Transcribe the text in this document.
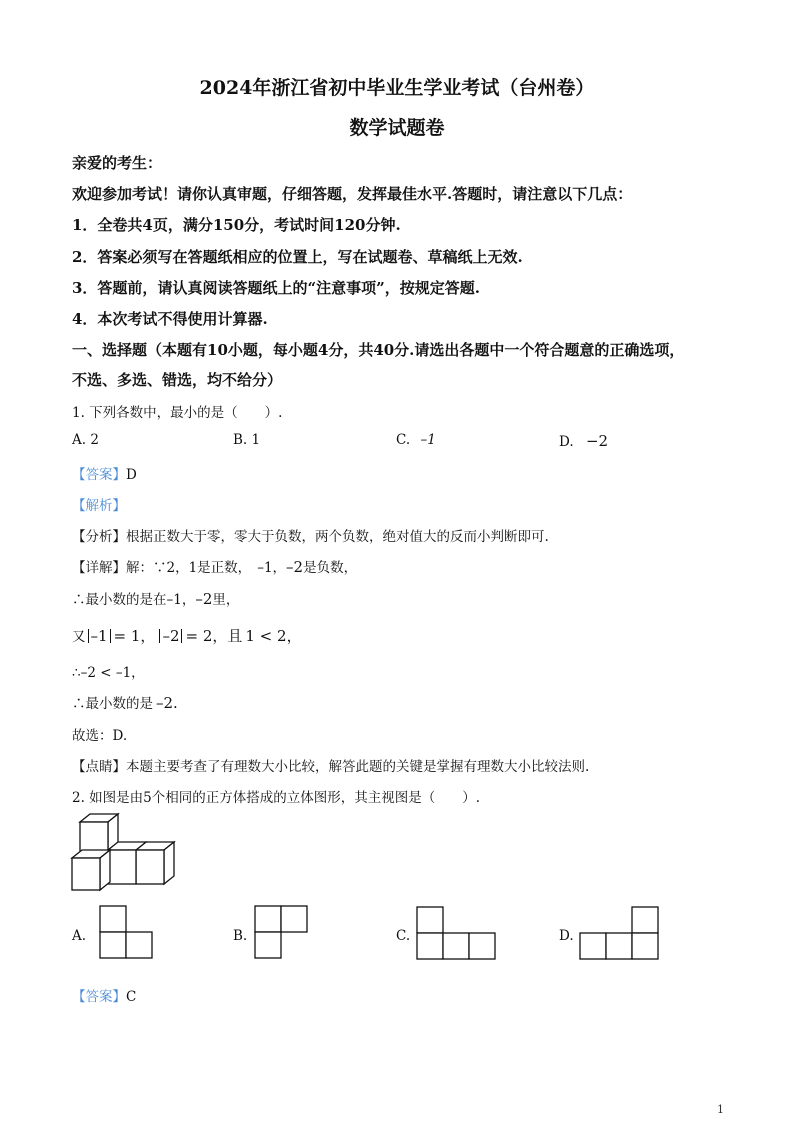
2024年浙江省初中毕业生学业考试（台州卷）
数学试题卷
亲爱的考生：
欢迎参加考试！请你认真审题，仔细答题，发挥最佳水平.答题时，请注意以下几点：
1．全卷共4页，满分150分，考试时间120分钟.
2．答案必须写在答题纸相应的位置上，写在试题卷、草稿纸上无效.
3．答题前，请认真阅读答题纸上的“注意事项”，按规定答题.
4．本次考试不得使用计算器.
一、选择题（本题有10小题，每小题4分，共40分.请选出各题中一个符合题意的正确选项，
不选、多选、错选，均不给分）
1. 下列各数中，最小的是（　　）.
A. 2	B. 1	C. –1	D. −2
【答案】D
【解析】
【分析】根据正数大于零，零大于负数，两个负数，绝对值大的反而小判断即可.
【详解】解：∵2，1是正数， –1，–2是负数，
∴最小数的是在–1，–2里，
又 –1 = 1， –2 = 2，且 1 < 2，
∴–2 < –1，
∴最小数的是 –2.
故选：D.
【点睛】本题主要考查了有理数大小比较，解答此题的关键是掌握有理数大小比较法则.
2. 如图是由5个相同的正方体搭成的立体图形，其主视图是（　　）.
A.	B.	C.	D.
【答案】C
1
